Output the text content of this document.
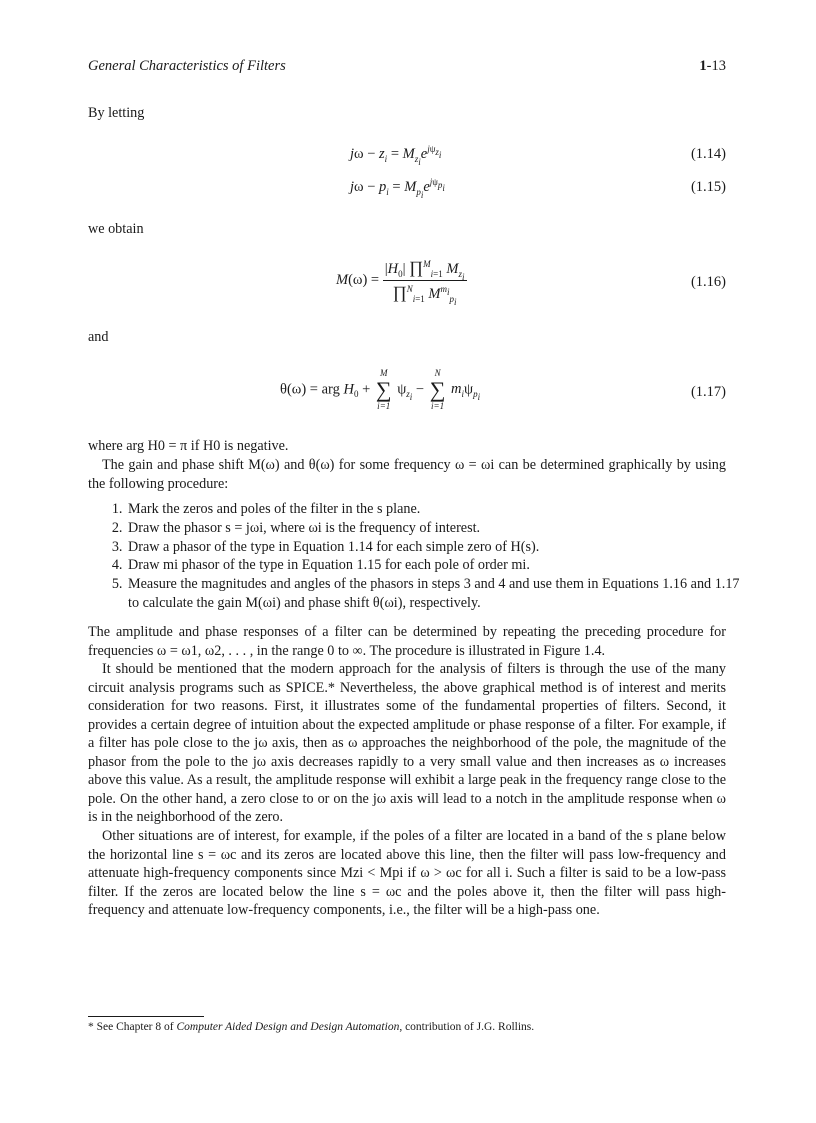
General Characteristics of Filters	1-13

By letting

$j\omega - z_i = M_{z_i}e^{j\psi_{z_i}}$	(1.14)
$j\omega - p_i = M_{p_i}e^{j\psi_{p_i}}$	(1.15)

we obtain

$M(\omega) = \frac{|H_0| \prod^M_{i=1} M_{z_i}}{\prod^N_{i=1} M^{m_i}_{p_i}}$	(1.16)

and

θ(ω) = arg $H_0$ +
M
∑
i=1
$\psi_{z_i}$ −
N
∑
i=1
$m_i\psi_{p_i}$	(1.17)

where arg H0 = π if H0 is negative.

The gain and phase shift M(ω) and θ(ω) for some frequency ω = ωi can be determined graphically by using the following procedure:

1. Mark the zeros and poles of the filter in the s plane.
2. Draw the phasor s = jωi, where ωi is the frequency of interest.
3. Draw a phasor of the type in Equation 1.14 for each simple zero of H(s).
4. Draw mi phasor of the type in Equation 1.15 for each pole of order mi.
5. Measure the magnitudes and angles of the phasors in steps 3 and 4 and use them in Equations 1.16 and 1.17 to calculate the gain M(ωi) and phase shift θ(ωi), respectively.

The amplitude and phase responses of a filter can be determined by repeating the preceding procedure for frequencies ω = ω1, ω2, . . . , in the range 0 to ∞. The procedure is illustrated in Figure 1.4.

It should be mentioned that the modern approach for the analysis of filters is through the use of the many circuit analysis programs such as SPICE.* Nevertheless, the above graphical method is of interest and merits consideration for two reasons. First, it illustrates some of the fundamental properties of filters. Second, it provides a certain degree of intuition about the expected amplitude or phase response of a filter. For example, if a filter has pole close to the jω axis, then as ω approaches the neighborhood of the pole, the magnitude of the phasor from the pole to the jω axis decreases rapidly to a very small value and then increases as ω increases above this value. As a result, the amplitude response will exhibit a large peak in the frequency range close to the pole. On the other hand, a zero close to or on the jω axis will lead to a notch in the amplitude response when ω is in the neighborhood of the zero.

Other situations are of interest, for example, if the poles of a filter are located in a band of the s plane below the horizontal line s = ωc and its zeros are located above this line, then the filter will pass low-frequency and attenuate high-frequency components since Mzi < Mpi if ω > ωc for all i. Such a filter is said to be a low-pass filter. If the zeros are located below the line s = ωc and the poles above it, then the filter will pass high-frequency and attenuate low-frequency components, i.e., the filter will be a high-pass one.

* See Chapter 8 of Computer Aided Design and Design Automation, contribution of J.G. Rollins.
